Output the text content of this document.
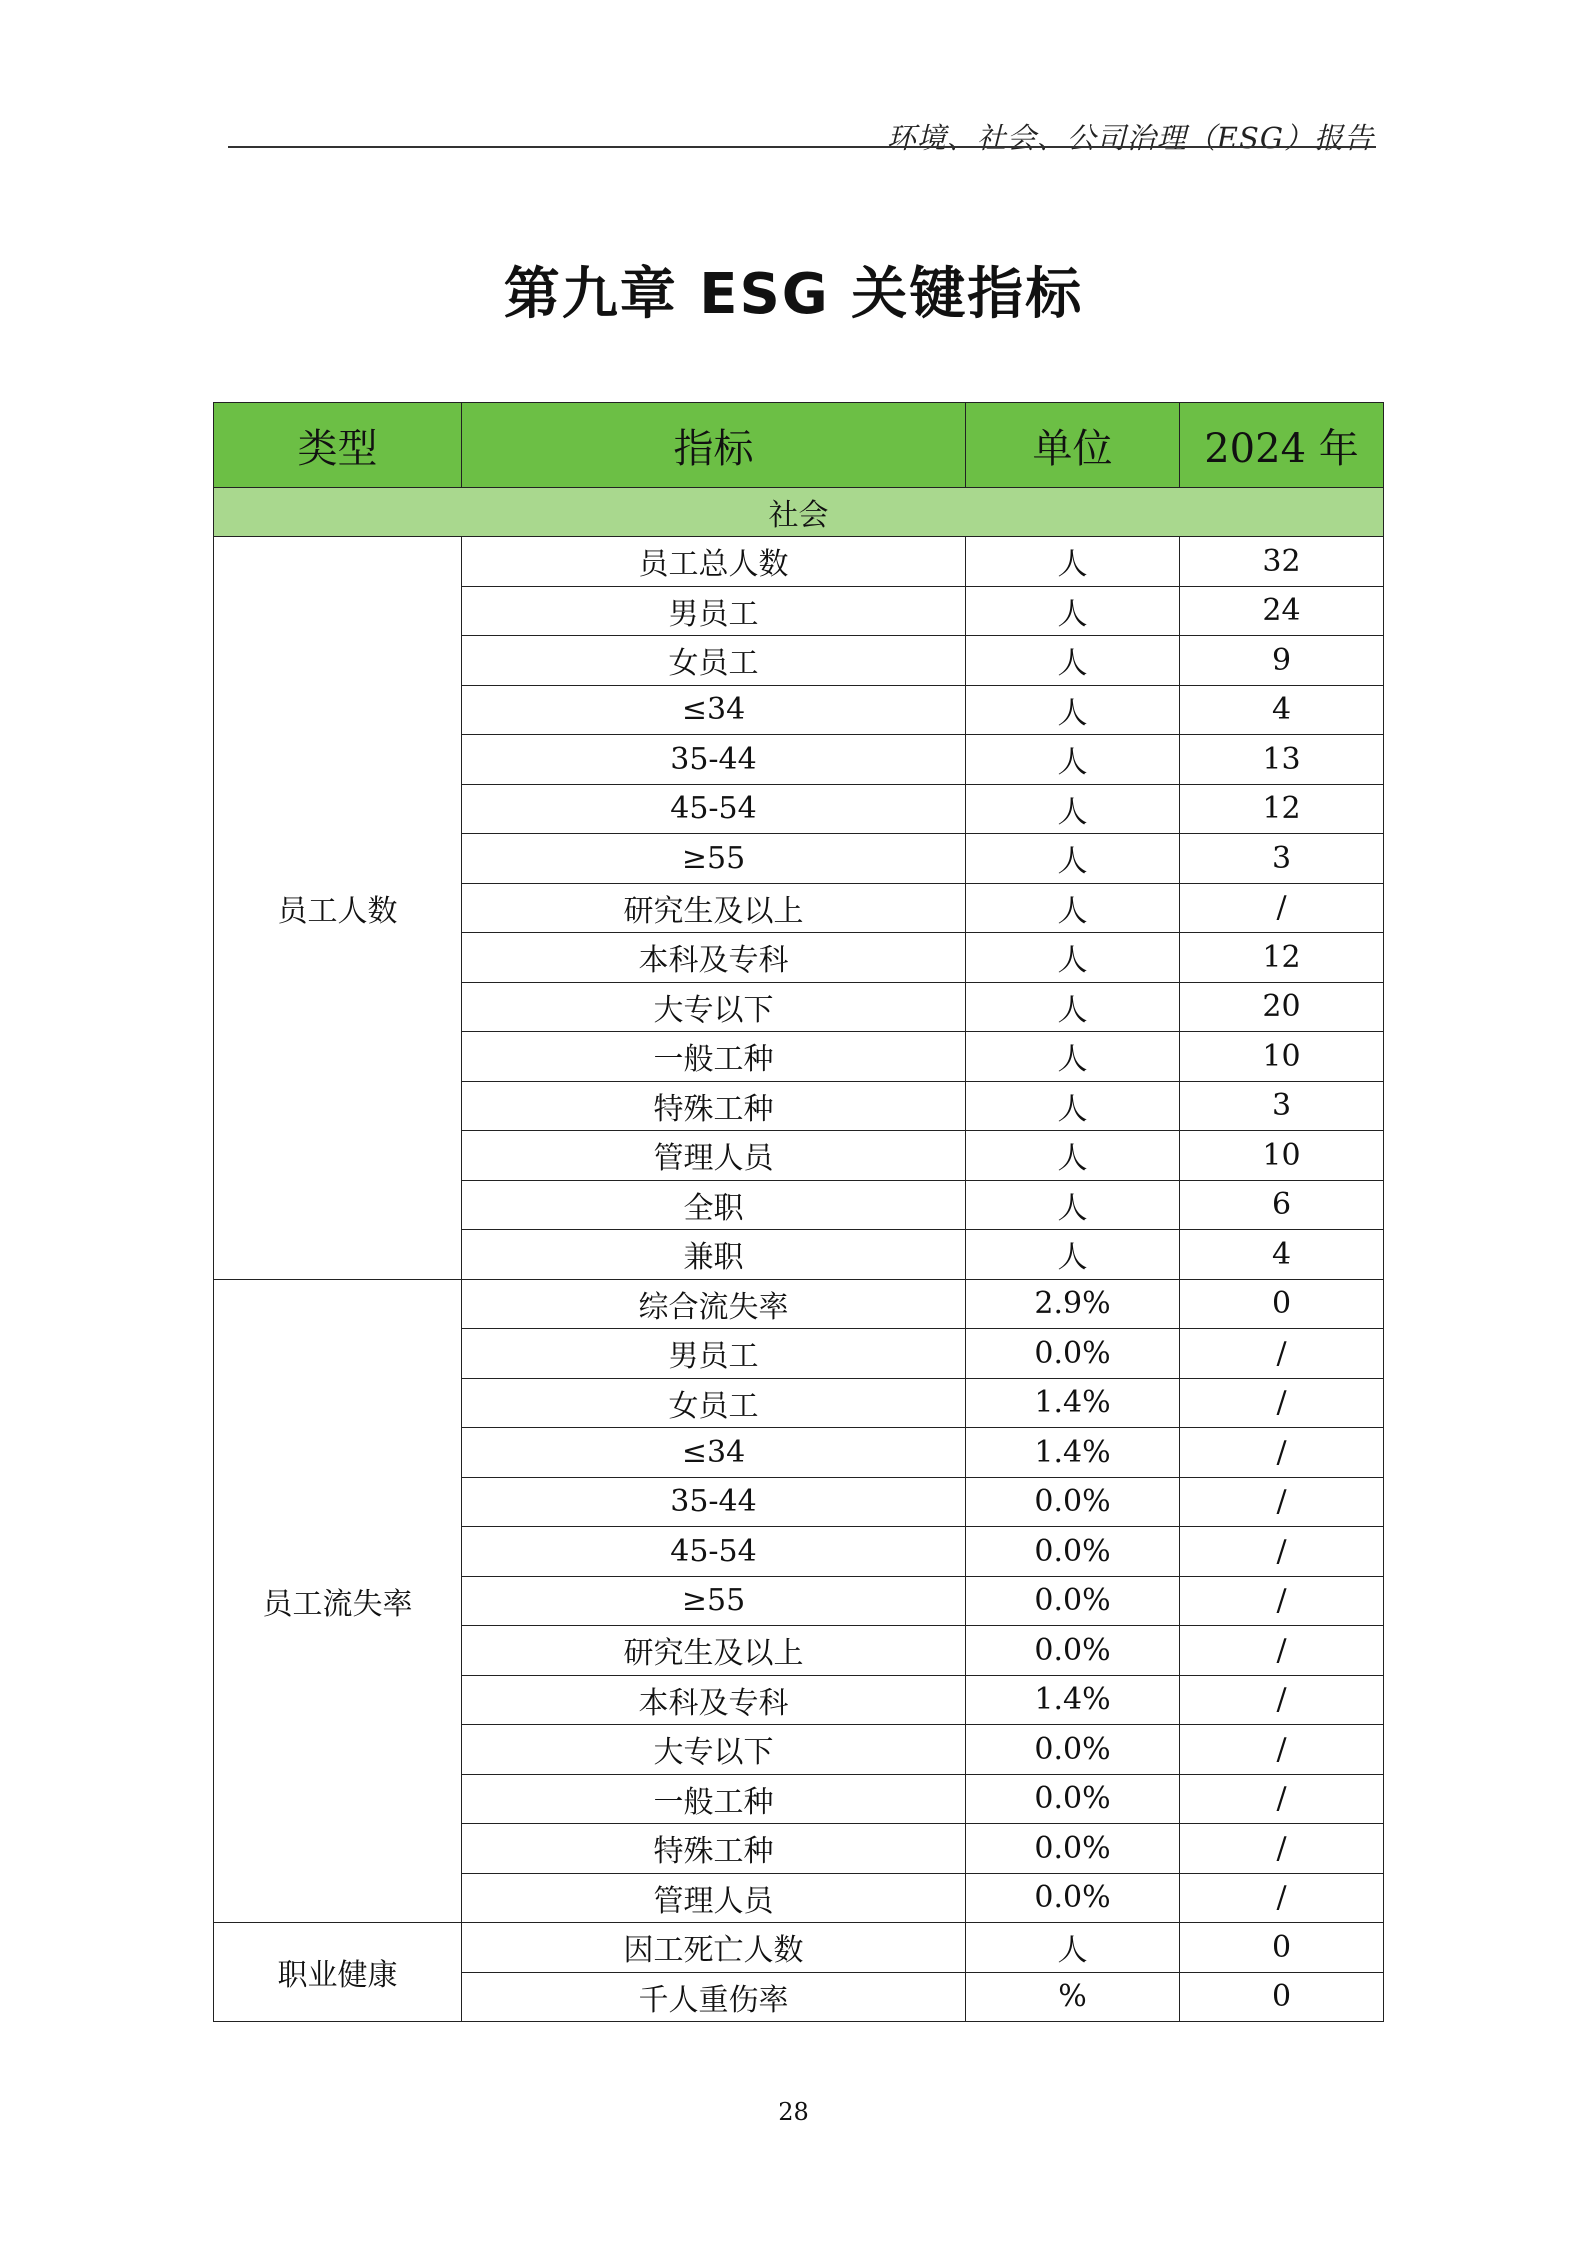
环境、社会、公司治理（ESG）报告
第九章 ESG 关键指标
类型	指标	单位	2024 年
社会			
员工人数	员工总人数	人	32
	男员工	人	24
	女员工	人	9
	≤34	人	4
	35-44	人	13
	45-54	人	12
	≥55	人	3
	研究生及以上	人	/
	本科及专科	人	12
	大专以下	人	20
	一般工种	人	10
	特殊工种	人	3
	管理人员	人	10
	全职	人	6
	兼职	人	4
员工流失率	综合流失率	2.9%	0
	男员工	0.0%	/
	女员工	1.4%	/
	≤34	1.4%	/
	35-44	0.0%	/
	45-54	0.0%	/
	≥55	0.0%	/
	研究生及以上	0.0%	/
	本科及专科	1.4%	/
	大专以下	0.0%	/
	一般工种	0.0%	/
	特殊工种	0.0%	/
	管理人员	0.0%	/
职业健康	因工死亡人数	人	0
	千人重伤率	%	0
28
